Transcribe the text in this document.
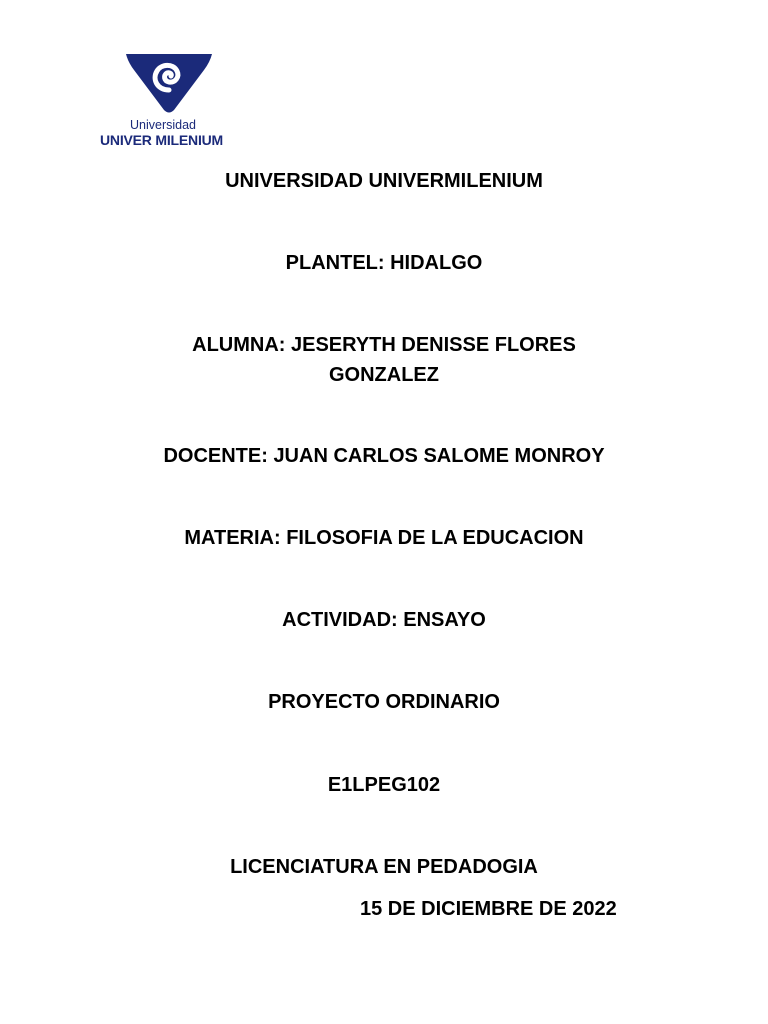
Universidad
UNIVER MILENIUM
UNIVERSIDAD UNIVERMILENIUM
PLANTEL: HIDALGO
ALUMNA: JESERYTH DENISSE FLORES GONZALEZ
DOCENTE: JUAN CARLOS SALOME MONROY
MATERIA: FILOSOFIA DE LA EDUCACION
ACTIVIDAD: ENSAYO
PROYECTO ORDINARIO
E1LPEG102
LICENCIATURA EN PEDADOGIA
15 DE DICIEMBRE DE 2022
